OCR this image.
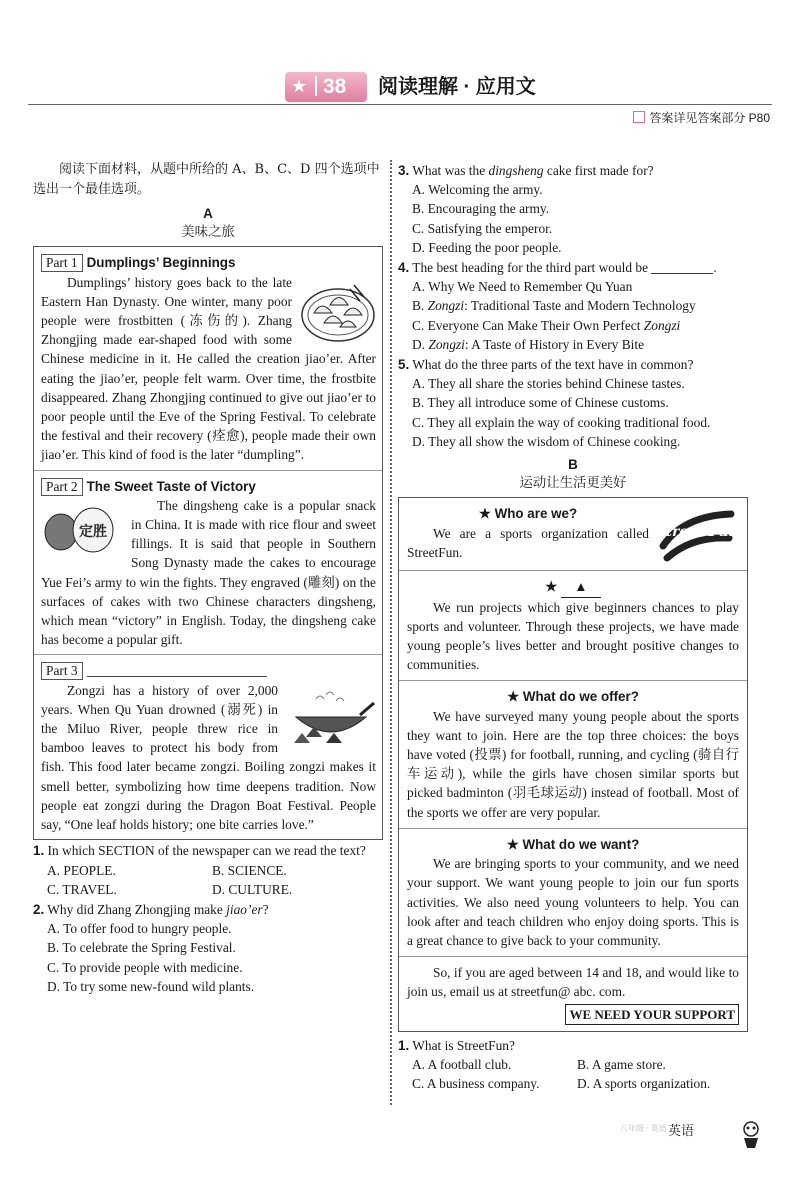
★ 38 阅读理解 · 应用文
答案详见答案部分 P80

阅读下面材料，从题中所给的 A、B、C、D 四个选项中选出一个最佳选项。

A
美味之旅
Part 1 Dumplings’ Beginnings

Dumplings’ history goes back to the late Eastern Han Dynasty. One winter, many poor people were frostbitten (冻伤的). Zhang Zhongjing made ear-shaped food with some Chinese medicine in it. He called the creation jiao’er. After eating the jiao’er, people felt warm. Over time, the frostbite disappeared. Zhang Zhongjing continued to give out jiao’er to poor people until the Eve of the Spring Festival. To celebrate the festival and their recovery (痊愈), people made their own jiao’er. This kind of food is the later “dumpling”.

Part 2 The Sweet Taste of Victory
定胜

The dingsheng cake is a popular snack in China. It is made with rice flour and sweet fillings. It is said that people in Southern Song Dynasty made the cakes to encourage Yue Fei’s army to win the fights. They engraved (雕刻) on the surfaces of cakes with two Chinese characters dingsheng, which mean “victory” in English. Today, the dingsheng cake has become a popular gift.

Part 3

Zongzi has a history of over 2,000 years. When Qu Yuan drowned (溺死) in the Miluo River, people threw rice in bamboo leaves to protect his body from fish. This food later became zongzi. Boiling zongzi makes it smell better, symbolizing how time deepens tradition. Now people eat zongzi during the Dragon Boat Festival. People say, “One leaf holds history; one bite carries love.”

1. In which SECTION of the newspaper can we read the text?
A. PEOPLE.	B. SCIENCE.
C. TRAVEL.	D. CULTURE.
2. Why did Zhang Zhongjing make jiao’er?
A. To offer food to hungry people.
B. To celebrate the Spring Festival.
C. To provide people with medicine.
D. To try some new-found wild plants.
3. What was the dingsheng cake first made for?
A. Welcoming the army.
B. Encouraging the army.
C. Satisfying the emperor.
D. Feeding the poor people.
4. The best heading for the third part would be	.
A. Why We Need to Remember Qu Yuan
B. Zongzi: Traditional Taste and Modern Technology
C. Everyone Can Make Their Own Perfect Zongzi
D. Zongzi: A Taste of History in Every Bite
5. What do the three parts of the text have in common?
A. They all share the stories behind Chinese tastes.
B. They all introduce some of Chinese customs.
C. They all explain the way of cooking traditional food.
D. They all show the wisdom of Chinese cooking.
B
运动让生活更美好
Street Fun
★ Who are we?

We are a sports organization called StreetFun.

★ ▲

We run projects which give beginners chances to play sports and volunteer. Through these projects, we have made young people’s lives better and brought positive changes to communities.

★ What do we offer?

We have surveyed many young people about the sports they want to join. Here are the top three choices: the boys have voted (投票) for football, running, and cycling (骑自行车运动), while the girls have chosen similar sports but picked badminton (羽毛球运动) instead of football. Most of the sports we offer are very popular.

★ What do we want?

We are bringing sports to your community, and we need your support. We want young people to join our fun sports activities. We also need young volunteers to help. You can look after and teach children who enjoy doing sports. This is a great chance to give back to your community.

So, if you are aged between 14 and 18, and would like to join us, email us at streetfun@ abc. com.

WE NEED YOUR SUPPORT
1. What is StreetFun?
A. A football club.	B. A game store.
C. A business company.	D. A sports organization.
八年级 · 英语 英语
